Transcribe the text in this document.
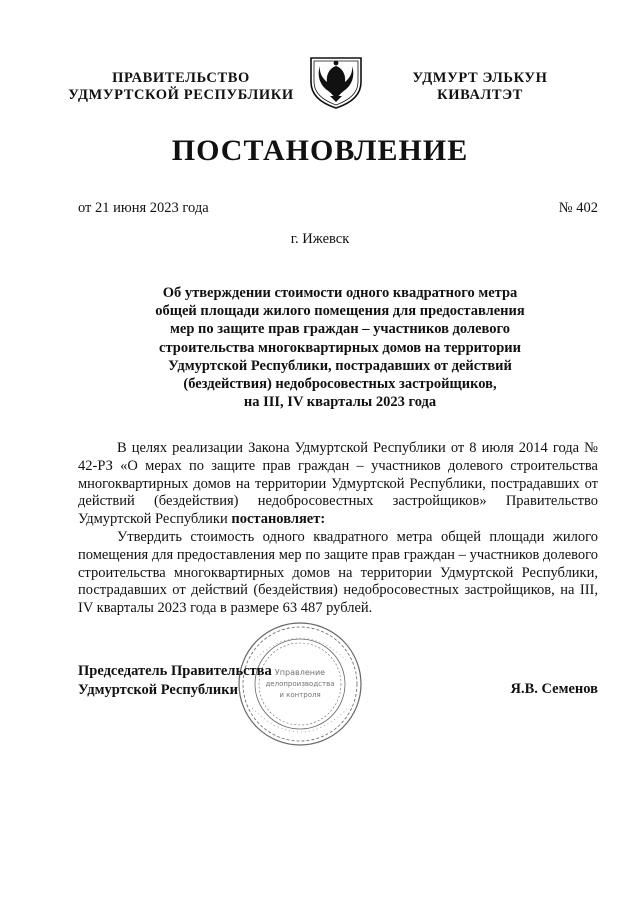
ПРАВИТЕЛЬСТВО
УДМУРТСКОЙ РЕСПУБЛИКИ
УДМУРТ ЭЛЬКУН
КИВАЛТЭТ
ПОСТАНОВЛЕНИЕ
от 21 июня 2023 года	№ 402
г. Ижевск
Об утверждении стоимости одного квадратного метра
общей площади жилого помещения для предоставления
мер по защите прав граждан – участников долевого
строительства многоквартирных домов на территории
Удмуртской Республики, пострадавших от действий
(бездействия) недобросовестных застройщиков,
на III, IV кварталы 2023 года

В целях реализации Закона Удмуртской Республики от 8 июля 2014 года № 42-РЗ «О мерах по защите прав граждан – участников долевого строительства многоквартирных домов на территории Удмуртской Республики, пострадавших от действий (бездействия) недобросовестных застройщиков» Правительство Удмуртской Республики постановляет:

Утвердить стоимость одного квадратного метра общей площади жилого помещения для предоставления мер по защите прав граждан – участников долевого строительства многоквартирных домов на территории Удмуртской Республики, пострадавших от действий (бездействия) недобросовестных застройщиков, на III, IV кварталы 2023 года в размере 63 487 рублей.

Управление
делопроизводства
и контроля
Председатель Правительства
Удмуртской Республики	Я.В. Семенов
